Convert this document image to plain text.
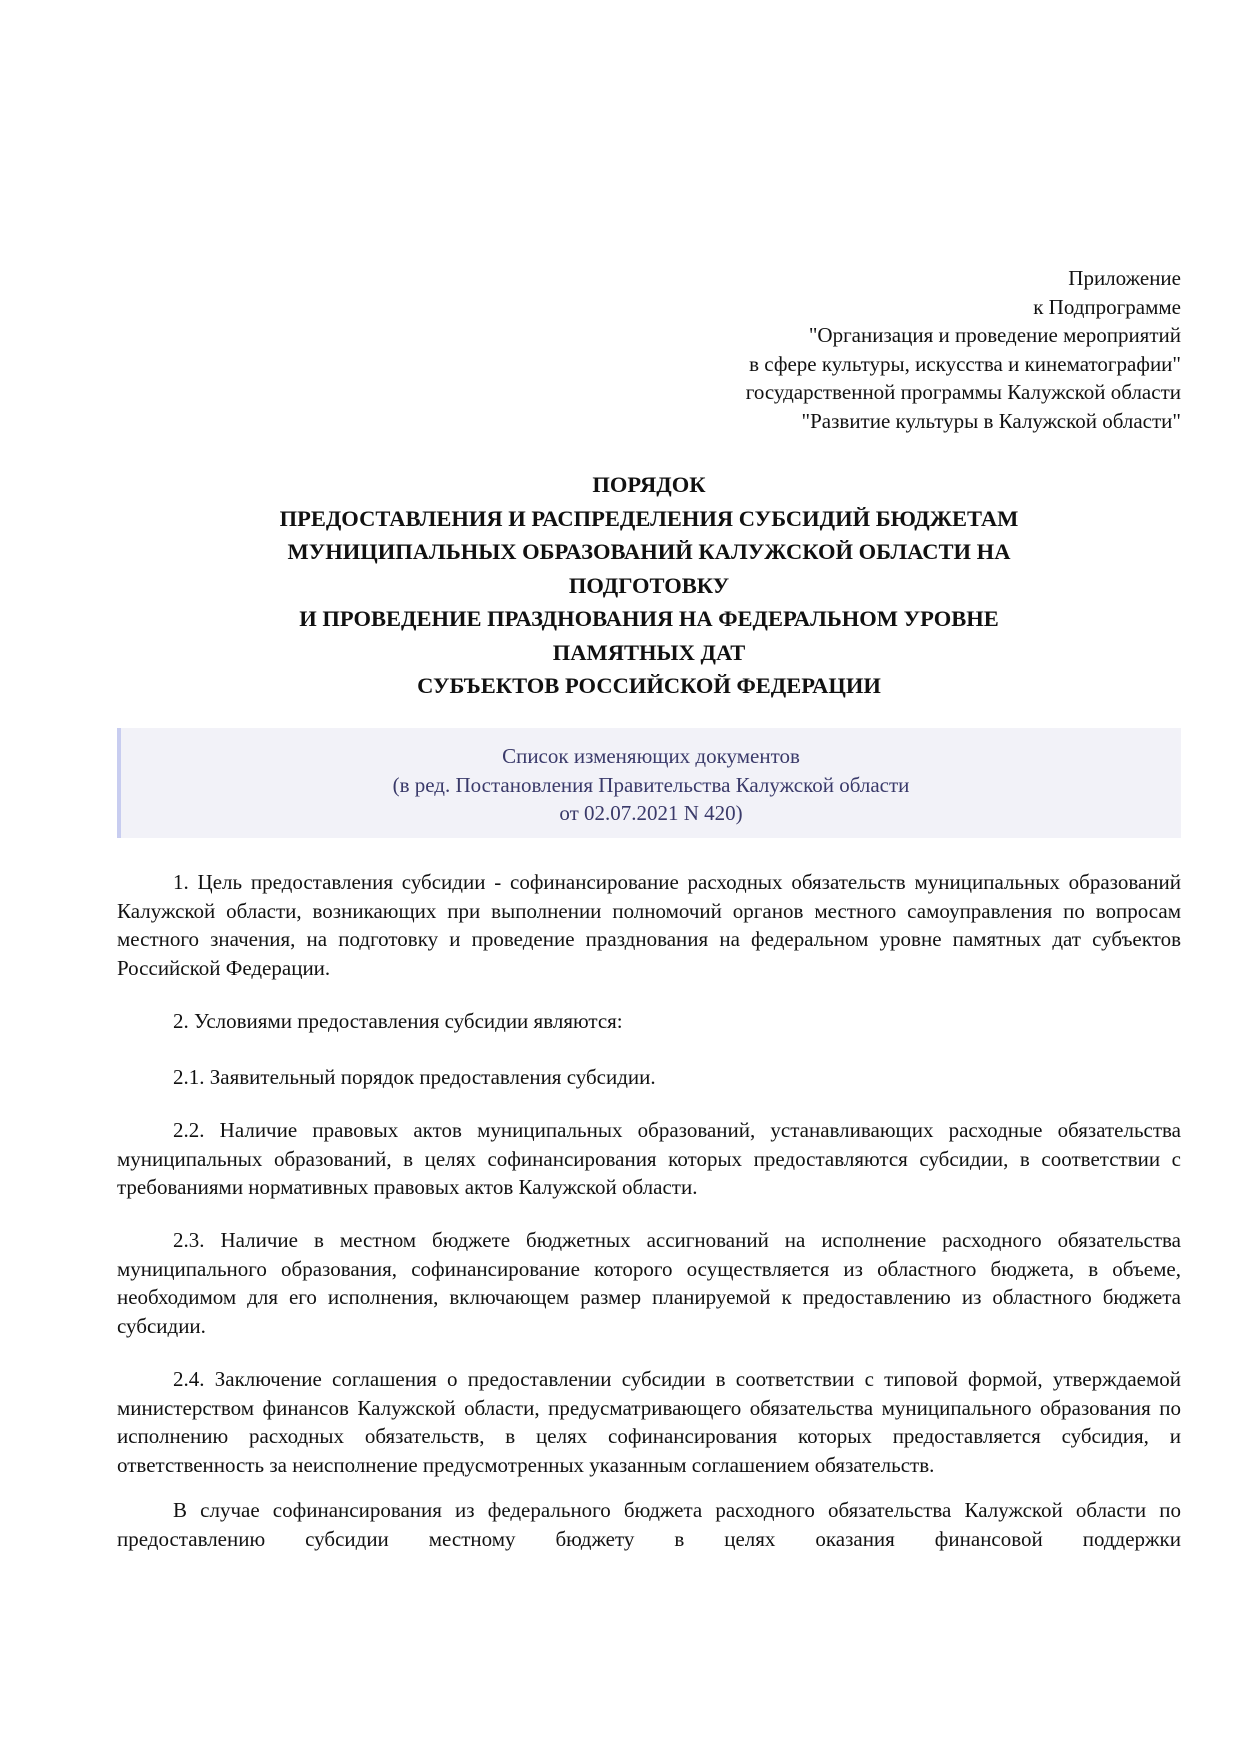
Приложение
к Подпрограмме
"Организация и проведение мероприятий
в сфере культуры, искусства и кинематографии"
государственной программы Калужской области
"Развитие культуры в Калужской области"
ПОРЯДОК
ПРЕДОСТАВЛЕНИЯ И РАСПРЕДЕЛЕНИЯ СУБСИДИЙ БЮДЖЕТАМ
МУНИЦИПАЛЬНЫХ ОБРАЗОВАНИЙ КАЛУЖСКОЙ ОБЛАСТИ НА
ПОДГОТОВКУ
И ПРОВЕДЕНИЕ ПРАЗДНОВАНИЯ НА ФЕДЕРАЛЬНОМ УРОВНЕ
ПАМЯТНЫХ ДАТ
СУБЪЕКТОВ РОССИЙСКОЙ ФЕДЕРАЦИИ
Список изменяющих документов
(в ред. Постановления Правительства Калужской области
от 02.07.2021 N 420)

1. Цель предоставления субсидии - софинансирование расходных обязательств муниципальных образований Калужской области, возникающих при выполнении полномочий органов местного самоуправления по вопросам местного значения, на подготовку и проведение празднования на федеральном уровне памятных дат субъектов Российской Федерации.

2. Условиями предоставления субсидии являются:

2.1. Заявительный порядок предоставления субсидии.

2.2. Наличие правовых актов муниципальных образований, устанавливающих расходные обязательства муниципальных образований, в целях софинансирования которых предоставляются субсидии, в соответствии с требованиями нормативных правовых актов Калужской области.

2.3. Наличие в местном бюджете бюджетных ассигнований на исполнение расходного обязательства муниципального образования, софинансирование которого осуществляется из областного бюджета, в объеме, необходимом для его исполнения, включающем размер планируемой к предоставлению из областного бюджета субсидии.

2.4. Заключение соглашения о предоставлении субсидии в соответствии с типовой формой, утверждаемой министерством финансов Калужской области, предусматривающего обязательства муниципального образования по исполнению расходных обязательств, в целях софинансирования которых предоставляется субсидия, и ответственность за неисполнение предусмотренных указанным соглашением обязательств.

В случае софинансирования из федерального бюджета расходного обязательства Калужской области по предоставлению субсидии местному бюджету в целях оказания финансовой поддержки
